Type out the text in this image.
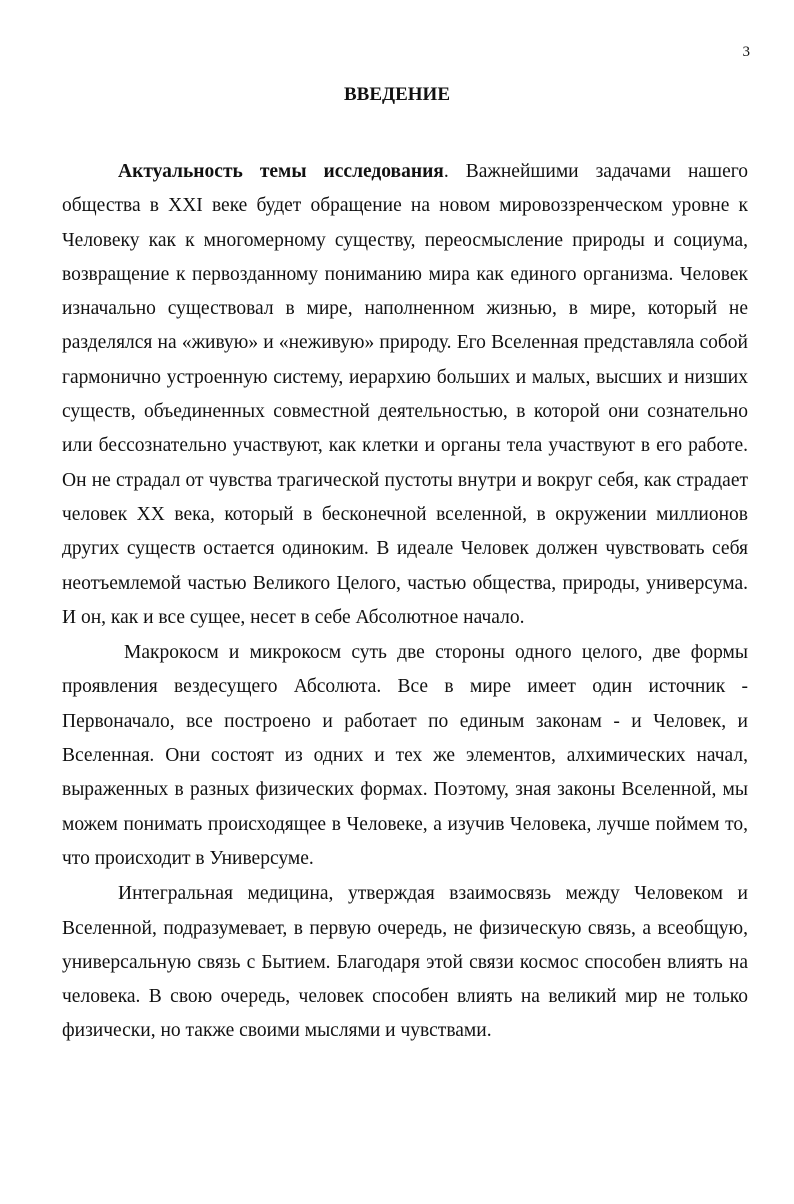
3
ВВЕДЕНИЕ

Актуальность темы исследования. Важнейшими задачами нашего общества в XXI веке будет обращение на новом мировоззренческом уровне к Человеку как к многомерному существу, переосмысление природы и социума, возвращение к первозданному пониманию мира как единого организма. Человек изначально существовал в мире, наполненном жизнью, в мире, который не разделялся на «живую» и «неживую» природу. Его Вселенная представляла собой гармонично устроенную систему, иерархию больших и малых, высших и низших существ, объединенных совместной деятельностью, в которой они сознательно или бессознательно участвуют, как клетки и органы тела участвуют в его работе. Он не страдал от чувства трагической пустоты внутри и вокруг себя, как страдает человек XX века, который в бесконечной вселенной, в окружении миллионов других существ остается одиноким. В идеале Человек должен чувствовать себя неотъемлемой частью Великого Целого, частью общества, природы, универсума. И он, как и все сущее, несет в себе Абсолютное начало.

Макрокосм и микрокосм суть две стороны одного целого, две формы проявления вездесущего Абсолюта. Все в мире имеет один источник - Первоначало, все построено и работает по единым законам - и Человек, и Вселенная. Они состоят из одних и тех же элементов, алхимических начал, выраженных в разных физических формах. Поэтому, зная законы Вселенной, мы можем понимать происходящее в Человеке, а изучив Человека, лучше поймем то, что происходит в Универсуме.

Интегральная медицина, утверждая взаимосвязь между Человеком и Вселенной, подразумевает, в первую очередь, не физическую связь, а всеобщую, универсальную связь с Бытием. Благодаря этой связи космос способен влиять на человека. В свою очередь, человек способен влиять на великий мир не только физически, но также своими мыслями и чувствами.
